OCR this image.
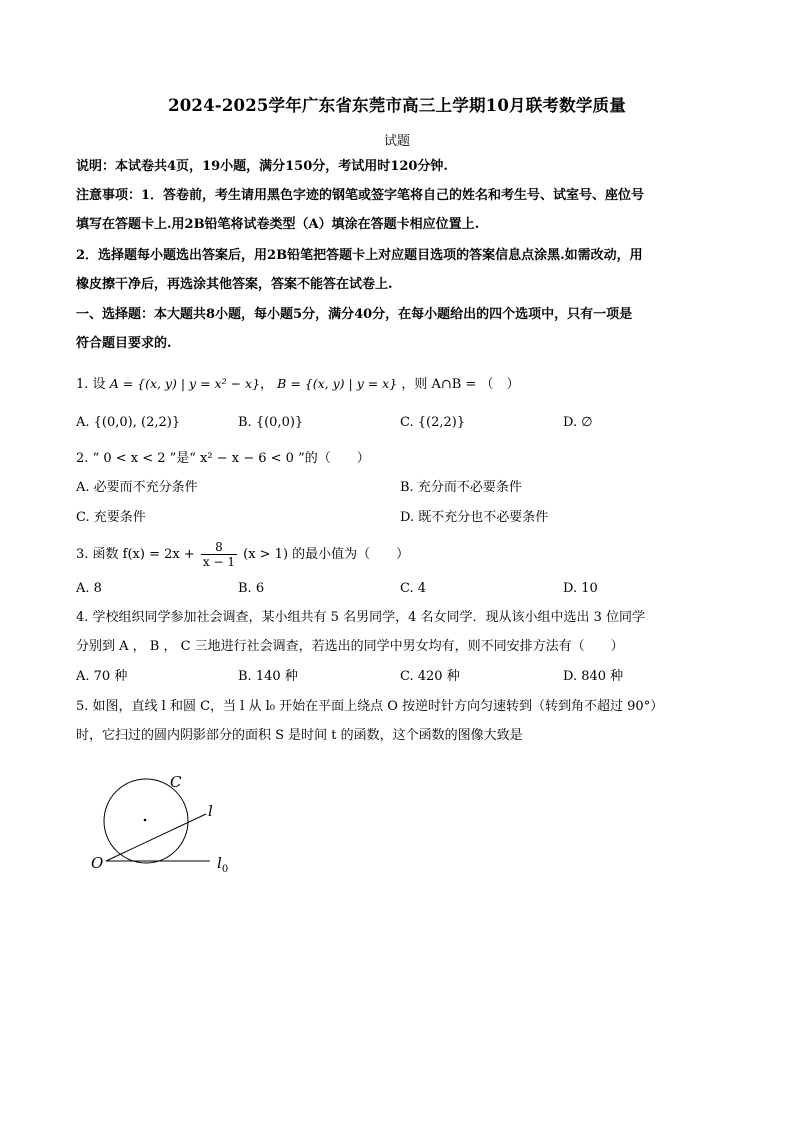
2024-2025学年广东省东莞市高三上学期10月联考数学质量
试题
说明：本试卷共4页，19小题，满分150分，考试用时120分钟.
注意事项：1．答卷前，考生请用黑色字迹的钢笔或签字笔将自己的姓名和考生号、试室号、座位号
填写在答题卡上.用2B铅笔将试卷类型（A）填涂在答题卡相应位置上.
2．选择题每小题选出答案后，用2B铅笔把答题卡上对应题目选项的答案信息点涂黑.如需改动，用
橡皮擦干净后，再选涂其他答案，答案不能答在试卷上.
一、选择题：本大题共8小题，每小题5分，满分40分，在每小题给出的四个选项中，只有一项是
符合题目要求的.
1. 设 A = {(x, y) | y = x² − x}， B = {(x, y) | y = x} ，则 A∩B = （　）
A. {(0,0), (2,2)}	B. {(0,0)}	C. {(2,2)}	D. ∅
2. “ 0 < x < 2 ”是“ x² − x − 6 < 0 ”的（　　）
A. 必要而不充分条件	B. 充分而不必要条件
C. 充要条件	D. 既不充分也不必要条件
3. 函数 $f(x) = 2x + \frac{8}{x - 1} (x > 1)$ 的最小值为（　　）
A. 8	B. 6	C. 4	D. 10
4. 学校组织同学参加社会调查，某小组共有 5 名男同学，4 名女同学．现从该小组中选出 3 位同学
分别到 A ， B ， C 三地进行社会调查，若选出的同学中男女均有，则不同安排方法有（　　）
A. 70 种	B. 140 种	C. 420 种	D. 840 种
5. 如图，直线 l 和圆 C，当 l 从 l₀ 开始在平面上绕点 O 按逆时针方向匀速转到（转到角不超过 90°）
时，它扫过的圆内阴影部分的面积 S 是时间 t 的函数，这个函数的图像大致是
C
l
O	$l_0$
